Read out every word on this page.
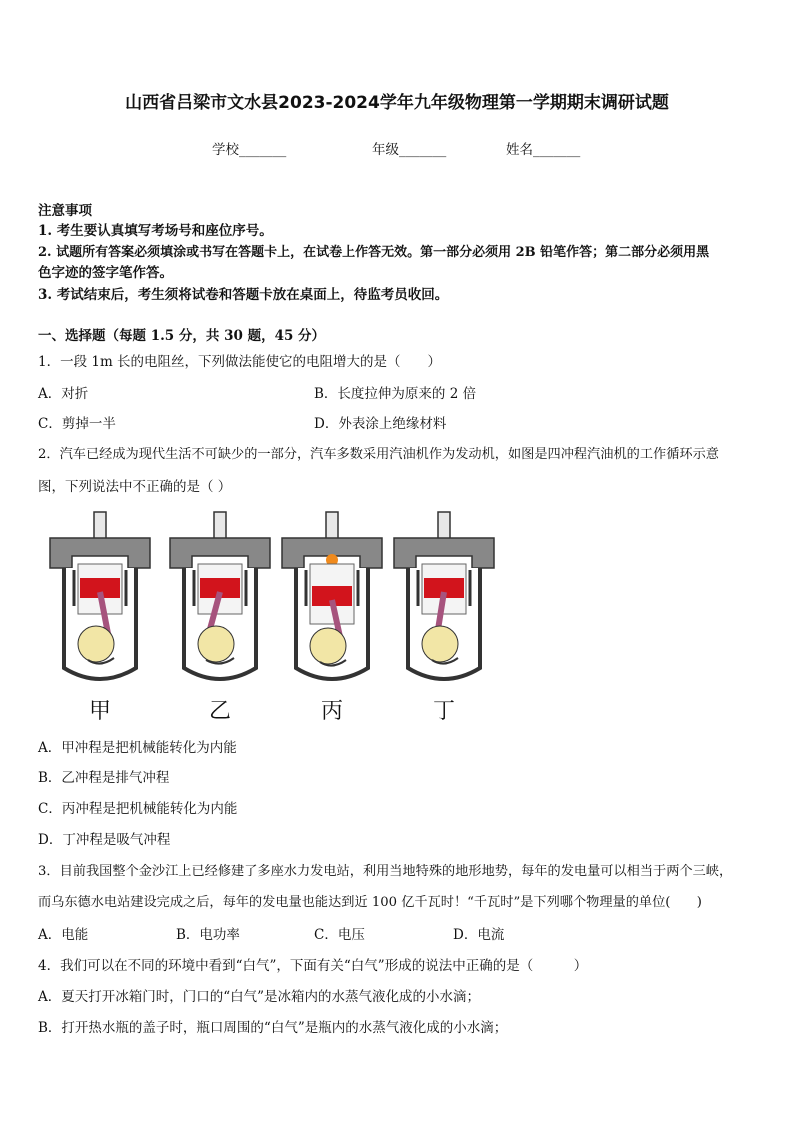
山西省吕梁市文水县2023-2024学年九年级物理第一学期期末调研试题
学校_______	年级_______	姓名_______
注意事项
1. 考生要认真填写考场号和座位序号。
2. 试题所有答案必须填涂或书写在答题卡上，在试卷上作答无效。第一部分必须用 2B 铅笔作答；第二部分必须用黑
色字迹的签字笔作答。
3. 考试结束后，考生须将试卷和答题卡放在桌面上，待监考员收回。
一、选择题（每题 1.5 分，共 30 题，45 分）
1．一段 1m 长的电阻丝，下列做法能使它的电阻增大的是（　　）
A．对折	B．长度拉伸为原来的 2 倍
C．剪掉一半	D．外表涂上绝缘材料
2．汽车已经成为现代生活不可缺少的一部分，汽车多数采用汽油机作为发动机，如图是四冲程汽油机的工作循环示意
图，下列说法中不正确的是（ ）
甲	乙	丙	丁
A．甲冲程是把机械能转化为内能
B．乙冲程是排气冲程
C．丙冲程是把机械能转化为内能
D．丁冲程是吸气冲程
3．目前我国整个金沙江上已经修建了多座水力发电站，利用当地特殊的地形地势，每年的发电量可以相当于两个三峡，
而乌东德水电站建设完成之后，每年的发电量也能达到近 100 亿千瓦时！“千瓦时”是下列哪个物理量的单位(　　)
A．电能	B．电功率	C．电压	D．电流
4．我们可以在不同的环境中看到“白气”，下面有关“白气”形成的说法中正确的是（　　　）
A．夏天打开冰箱门时，门口的“白气”是冰箱内的水蒸气液化成的小水滴；
B．打开热水瓶的盖子时，瓶口周围的“白气”是瓶内的水蒸气液化成的小水滴；
